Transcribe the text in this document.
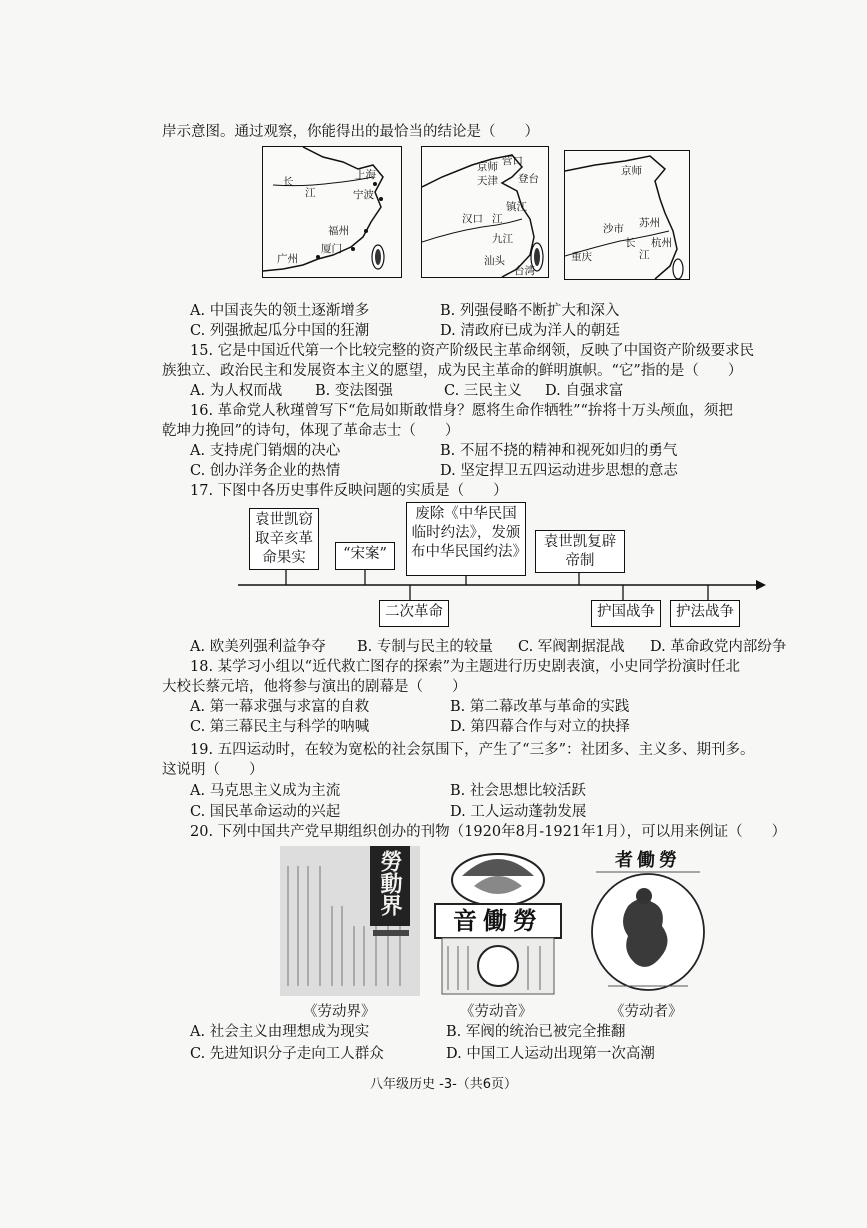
岸示意图。通过观察，你能得出的最恰当的结论是（　　）
长
江
上海
宁波
福州
厦门
广州
京师 营口
天津 登台
镇江
汉口 江
九江
汕头
台湾
京师
沙市 苏州
长
江
重庆
杭州
A. 中国丧失的领土逐渐增多	B. 列强侵略不断扩大和深入
C. 列强掀起瓜分中国的狂潮	D. 清政府已成为洋人的朝廷
15. 它是中国近代第一个比较完整的资产阶级民主革命纲领，反映了中国资产阶级要求民
族独立、政治民主和发展资本主义的愿望，成为民主革命的鲜明旗帜。“它”指的是（　　）
A. 为人权而战 B. 变法图强	C. 三民主义 D. 自强求富
16. 革命党人秋瑾曾写下“危局如斯敢惜身？愿将生命作牺牲”“拚将十万头颅血，须把
乾坤力挽回”的诗句，体现了革命志士（　　）
A. 支持虎门销烟的决心	B. 不屈不挠的精神和视死如归的勇气
C. 创办洋务企业的热情	D. 坚定捍卫五四运动进步思想的意志
17. 下图中各历史事件反映问题的实质是（　　）
袁世凯窃取辛亥革命果实	“宋案”
废除《中华民国临时约法》，发颁布中华民国约法》
袁世凯复辟帝制
二次革命	护国战争	护法战争
A. 欧美列强利益争夺 B. 专制与民主的较量 C. 军阀割据混战 D. 革命政党内部纷争
18. 某学习小组以“近代救亡图存的探索”为主题进行历史剧表演，小史同学扮演时任北
大校长蔡元培，他将参与演出的剧幕是（　　）
A. 第一幕求强与求富的自救	B. 第二幕改革与革命的实践
C. 第三幕民主与科学的呐喊	D. 第四幕合作与对立的抉择
19. 五四运动时，在较为宽松的社会氛围下，产生了“三多”：社团多、主义多、期刊多。
这说明（　　）
A. 马克思主义成为主流	B. 社会思想比较活跃
C. 国民革命运动的兴起	D. 工人运动蓬勃发展
20. 下列中国共产党早期组织创办的刊物（1920年8月-1921年1月），可以用来例证（　　）
勞動界
音働勞
者働勞
《劳动界》	《劳动音》	《劳动者》
A. 社会主义由理想成为现实	B. 军阀的统治已被完全推翻
C. 先进知识分子走向工人群众	D. 中国工人运动出现第一次高潮
八年级历史 -3-（共6页）
